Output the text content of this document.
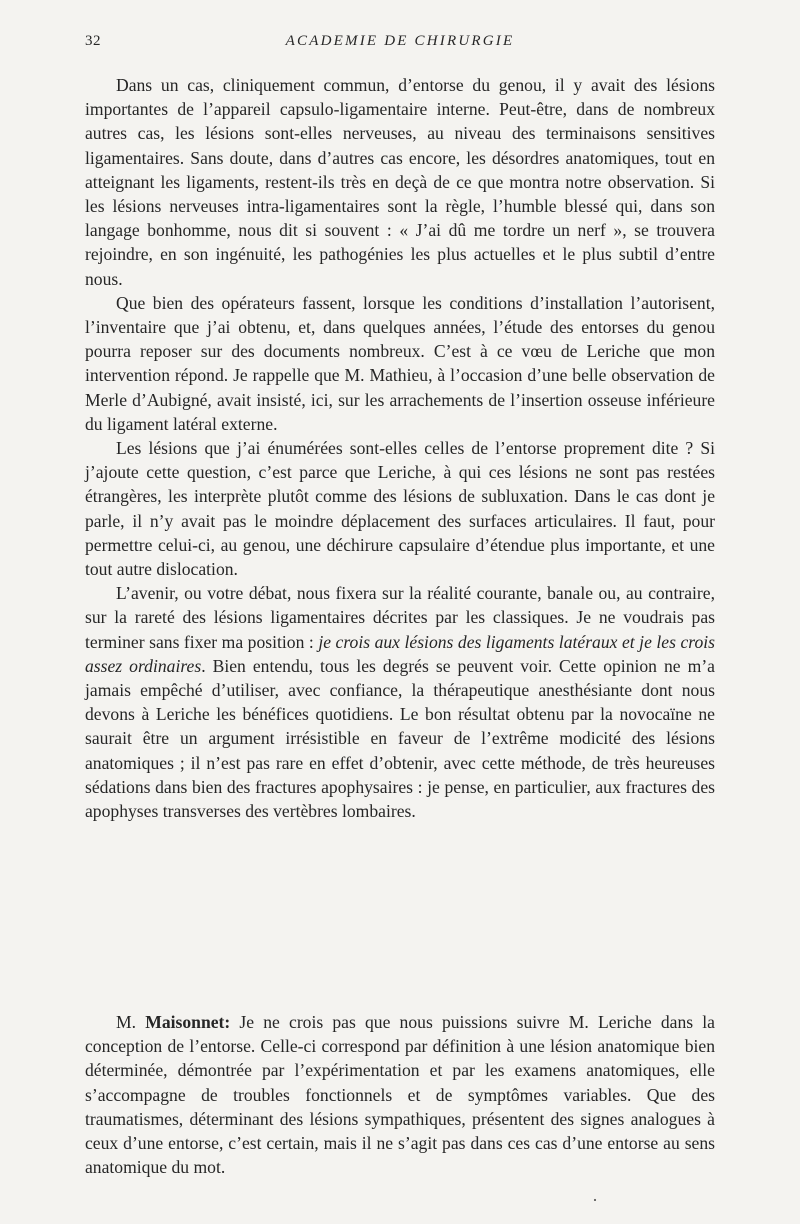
32	ACADEMIE DE CHIRURGIE

Dans un cas, cliniquement commun, d’entorse du genou, il y avait des lésions importantes de l’appareil capsulo-ligamentaire interne. Peut-être, dans de nombreux autres cas, les lésions sont-elles nerveuses, au niveau des terminaisons sensitives ligamentaires. Sans doute, dans d’autres cas encore, les désordres anatomiques, tout en atteignant les ligaments, restent-ils très en deçà de ce que montra notre observation. Si les lésions nerveuses intra-ligamentaires sont la règle, l’humble blessé qui, dans son langage bonhomme, nous dit si souvent : « J’ai dû me tordre un nerf », se trouvera rejoindre, en son ingénuité, les pathogénies les plus actuelles et le plus subtil d’entre nous.

Que bien des opérateurs fassent, lorsque les conditions d’installation l’autorisent, l’inventaire que j’ai obtenu, et, dans quelques années, l’étude des entorses du genou pourra reposer sur des documents nombreux. C’est à ce vœu de Leriche que mon intervention répond. Je rappelle que M. Mathieu, à l’occasion d’une belle observation de Merle d’Aubigné, avait insisté, ici, sur les arrachements de l’insertion osseuse inférieure du ligament latéral externe.

Les lésions que j’ai énumérées sont-elles celles de l’entorse proprement dite ? Si j’ajoute cette question, c’est parce que Leriche, à qui ces lésions ne sont pas restées étrangères, les interprète plutôt comme des lésions de subluxation. Dans le cas dont je parle, il n’y avait pas le moindre déplacement des surfaces articulaires. Il faut, pour permettre celui-ci, au genou, une déchirure capsulaire d’étendue plus importante, et une tout autre dislocation.

L’avenir, ou votre débat, nous fixera sur la réalité courante, banale ou, au contraire, sur la rareté des lésions ligamentaires décrites par les classiques. Je ne voudrais pas terminer sans fixer ma position : je crois aux lésions des ligaments latéraux et je les crois assez ordinaires. Bien entendu, tous les degrés se peuvent voir. Cette opinion ne m’a jamais empêché d’utiliser, avec confiance, la thérapeutique anesthésiante dont nous devons à Leriche les bénéfices quotidiens. Le bon résultat obtenu par la novocaïne ne saurait être un argument irrésistible en faveur de l’extrême modicité des lésions anatomiques ; il n’est pas rare en effet d’obtenir, avec cette méthode, de très heureuses sédations dans bien des fractures apophysaires : je pense, en particulier, aux fractures des apophyses transverses des vertèbres lombaires.

M. Maisonnet: Je ne crois pas que nous puissions suivre M. Leriche dans la conception de l’entorse. Celle-ci correspond par définition à une lésion anatomique bien déterminée, démontrée par l’expérimentation et par les examens anatomiques, elle s’accompagne de troubles fonctionnels et de symptômes variables. Que des traumatismes, déterminant des lésions sympathiques, présentent des signes analogues à ceux d’une entorse, c’est certain, mais il ne s’agit pas dans ces cas d’une entorse au sens anatomique du mot.

·
